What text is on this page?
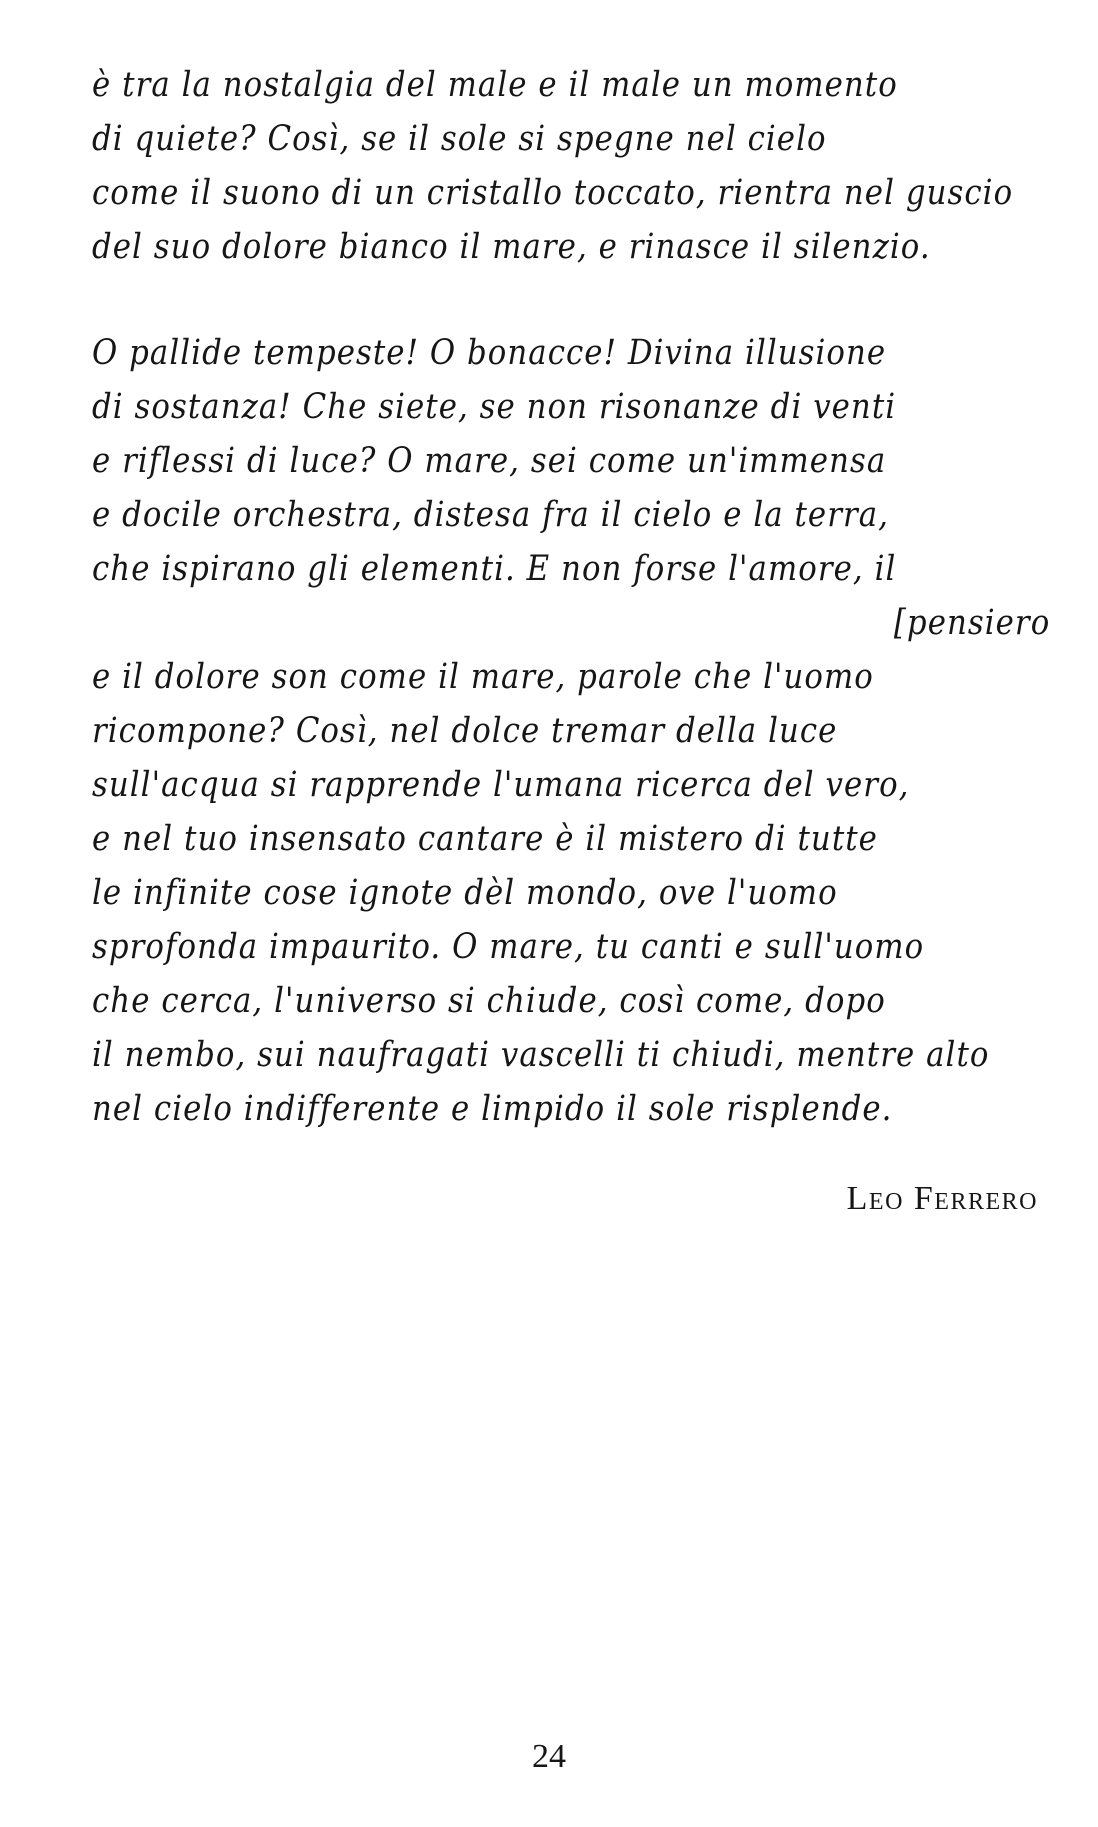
è tra la nostalgia del male e il male un momento
di quiete? Così, se il sole si spegne nel cielo
come il suono di un cristallo toccato, rientra nel guscio
del suo dolore bianco il mare, e rinasce il silenzio.
O pallide tempeste! O bonacce! Divina illusione
di sostanza! Che siete, se non risonanze di venti
e riflessi di luce? O mare, sei come un'immensa
e docile orchestra, distesa fra il cielo e la terra,
che ispirano gli elementi. E non forse l'amore, il
[pensiero
e il dolore son come il mare, parole che l'uomo
ricompone? Così, nel dolce tremar della luce
sull'acqua si rapprende l'umana ricerca del vero,
e nel tuo insensato cantare è il mistero di tutte
le infinite cose ignote dèl mondo, ove l'uomo
sprofonda impaurito. O mare, tu canti e sull'uomo
che cerca, l'universo si chiude, così come, dopo
il nembo, sui naufragati vascelli ti chiudi, mentre alto
nel cielo indifferente e limpido il sole risplende.
Leo Ferrero
24
